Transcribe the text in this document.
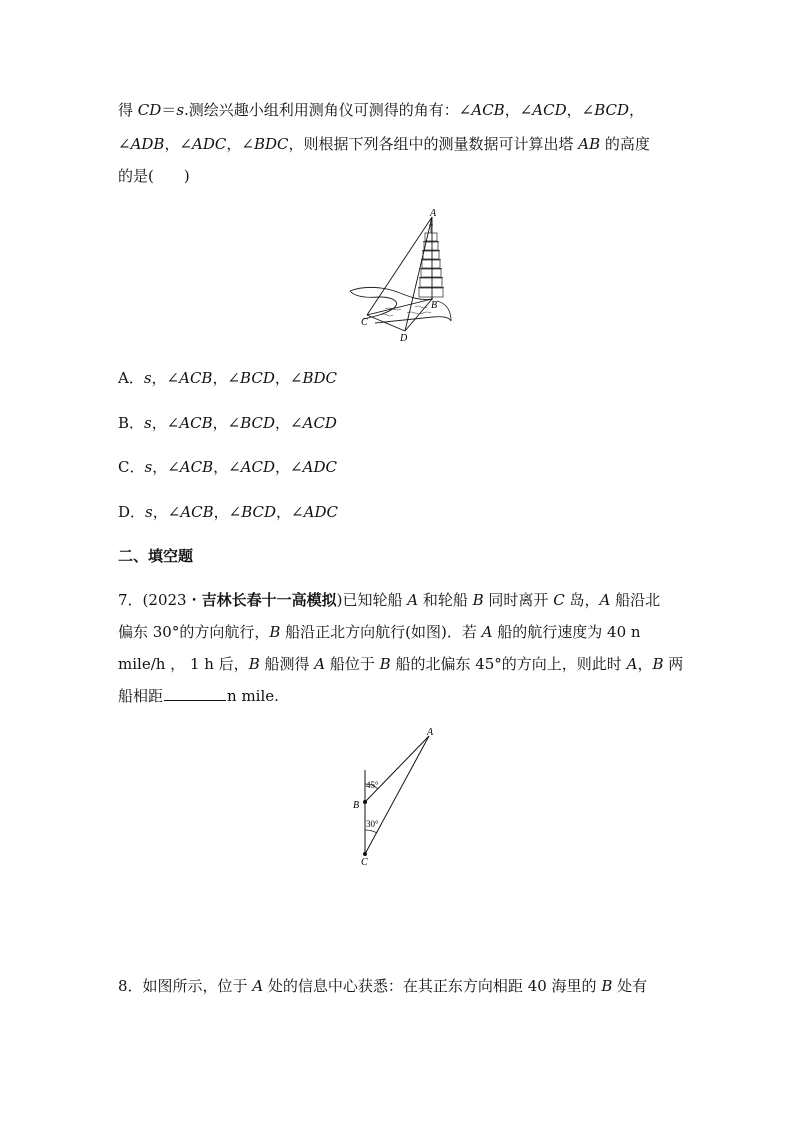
得 CD＝s.测绘兴趣小组利用测角仪可测得的角有：∠ACB，∠ACD，∠BCD，
∠ADB，∠ADC，∠BDC，则根据下列各组中的测量数据可计算出塔 AB 的高度
的是(　　)
A
B
C
D
A．s，∠ACB，∠BCD，∠BDC
B．s，∠ACB，∠BCD，∠ACD
C．s，∠ACB，∠ACD，∠ADC
D．s，∠ACB，∠BCD，∠ADC
二、填空题
7．(2023・吉林长春十一高模拟)已知轮船 A 和轮船 B 同时离开 C 岛，A 船沿北
偏东 30°的方向航行，B 船沿正北方向航行(如图)．若 A 船的航行速度为 40 n
mile/h ， 1 h 后，B 船测得 A 船位于 B 船的北偏东 45°的方向上，则此时 A，B 两
船相距	n mile.
A
B
C
45°
30°
8．如图所示，位于 A 处的信息中心获悉：在其正东方向相距 40 海里的 B 处有
